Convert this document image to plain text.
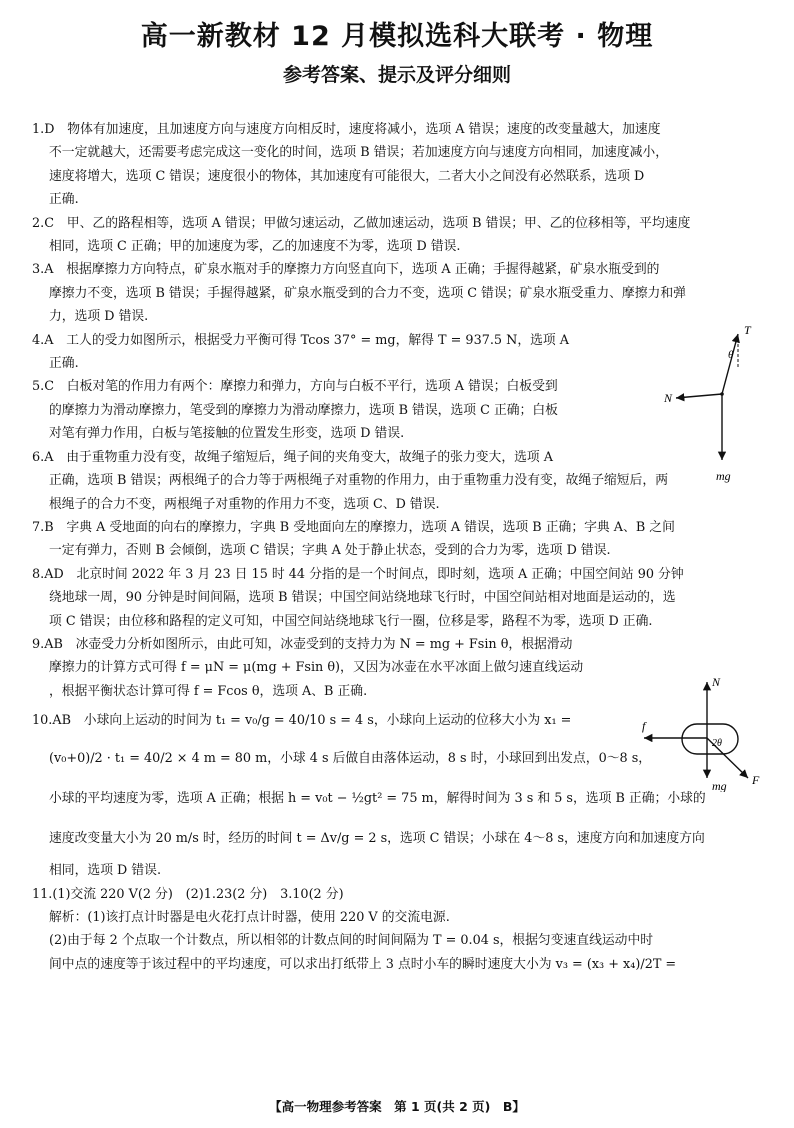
高一新教材 12 月模拟选科大联考 · 物理
参考答案、提示及评分细则
1.D　物体有加速度，且加速度方向与速度方向相反时，速度将减小，选项 A 错误；速度的改变量越大，加速度
不一定就越大，还需要考虑完成这一变化的时间，选项 B 错误；若加速度方向与速度方向相同，加速度减小，
速度将增大，选项 C 错误；速度很小的物体，其加速度有可能很大，二者大小之间没有必然联系，选项 D
正确.
2.C　甲、乙的路程相等，选项 A 错误；甲做匀速运动，乙做加速运动，选项 B 错误；甲、乙的位移相等，平均速度
相同，选项 C 正确；甲的加速度为零，乙的加速度不为零，选项 D 错误.
3.A　根据摩擦力方向特点，矿泉水瓶对手的摩擦力方向竖直向下，选项 A 正确；手握得越紧，矿泉水瓶受到的
摩擦力不变，选项 B 错误；手握得越紧，矿泉水瓶受到的合力不变，选项 C 错误；矿泉水瓶受重力、摩擦力和弹
力，选项 D 错误.
4.A　工人的受力如图所示，根据受力平衡可得 Tcos 37° = mg，解得 T = 937.5 N，选项 A
正确.
5.C　白板对笔的作用力有两个：摩擦力和弹力，方向与白板不平行，选项 A 错误；白板受到
的摩擦力为滑动摩擦力，笔受到的摩擦力为滑动摩擦力，选项 B 错误，选项 C 正确；白板
对笔有弹力作用，白板与笔接触的位置发生形变，选项 D 错误.
6.A　由于重物重力没有变，故绳子缩短后，绳子间的夹角变大，故绳子的张力变大，选项 A
正确，选项 B 错误；两根绳子的合力等于两根绳子对重物的作用力，由于重物重力没有变，故绳子缩短后，两
根绳子的合力不变，两根绳子对重物的作用力不变，选项 C、D 错误.
7.B　字典 A 受地面的向右的摩擦力，字典 B 受地面向左的摩擦力，选项 A 错误，选项 B 正确；字典 A、B 之间
一定有弹力，否则 B 会倾倒，选项 C 错误；字典 A 处于静止状态，受到的合力为零，选项 D 错误.
8.AD　北京时间 2022 年 3 月 23 日 15 时 44 分指的是一个时间点，即时刻，选项 A 正确；中国空间站 90 分钟
绕地球一周，90 分钟是时间间隔，选项 B 错误；中国空间站绕地球飞行时，中国空间站相对地面是运动的，选
项 C 错误；由位移和路程的定义可知，中国空间站绕地球飞行一圈，位移是零，路程不为零，选项 D 正确.
9.AB　冰壶受力分析如图所示，由此可知，冰壶受到的支持力为 N = mg + Fsin θ，根据滑动
摩擦力的计算方式可得 f = μN = μ(mg + Fsin θ)，又因为冰壶在水平冰面上做匀速直线运动
，根据平衡状态计算可得 f = Fcos θ，选项 A、B 正确.
10.AB　小球向上运动的时间为 t₁ = v₀/g = 40/10 s = 4 s，小球向上运动的位移大小为 x₁ =
(v₀+0)/2 · t₁ = 40/2 × 4 m = 80 m，小球 4 s 后做自由落体运动，8 s 时，小球回到出发点，0～8 s，
小球的平均速度为零，选项 A 正确；根据 h = v₀t − ½gt² = 75 m，解得时间为 3 s 和 5 s，选项 B 正确；小球的
速度改变量大小为 20 m/s 时，经历的时间 t = Δv/g = 2 s，选项 C 错误；小球在 4～8 s，速度方向和加速度方向
相同，选项 D 错误.
11.(1)交流 220 V(2 分)　(2)1.23(2 分)　3.10(2 分)
解析：(1)该打点计时器是电火花打点计时器，使用 220 V 的交流电源.
(2)由于每 2 个点取一个计数点，所以相邻的计数点间的时间间隔为 T = 0.04 s，根据匀变速直线运动中时
间中点的速度等于该过程中的平均速度，可以求出打纸带上 3 点时小车的瞬时速度大小为 v₃ = (x₃ + x₄)/2T =
T
θ
N
mg
N
f
2θ
F
mg
【高一物理参考答案　第 1 页(共 2 页)　B】
